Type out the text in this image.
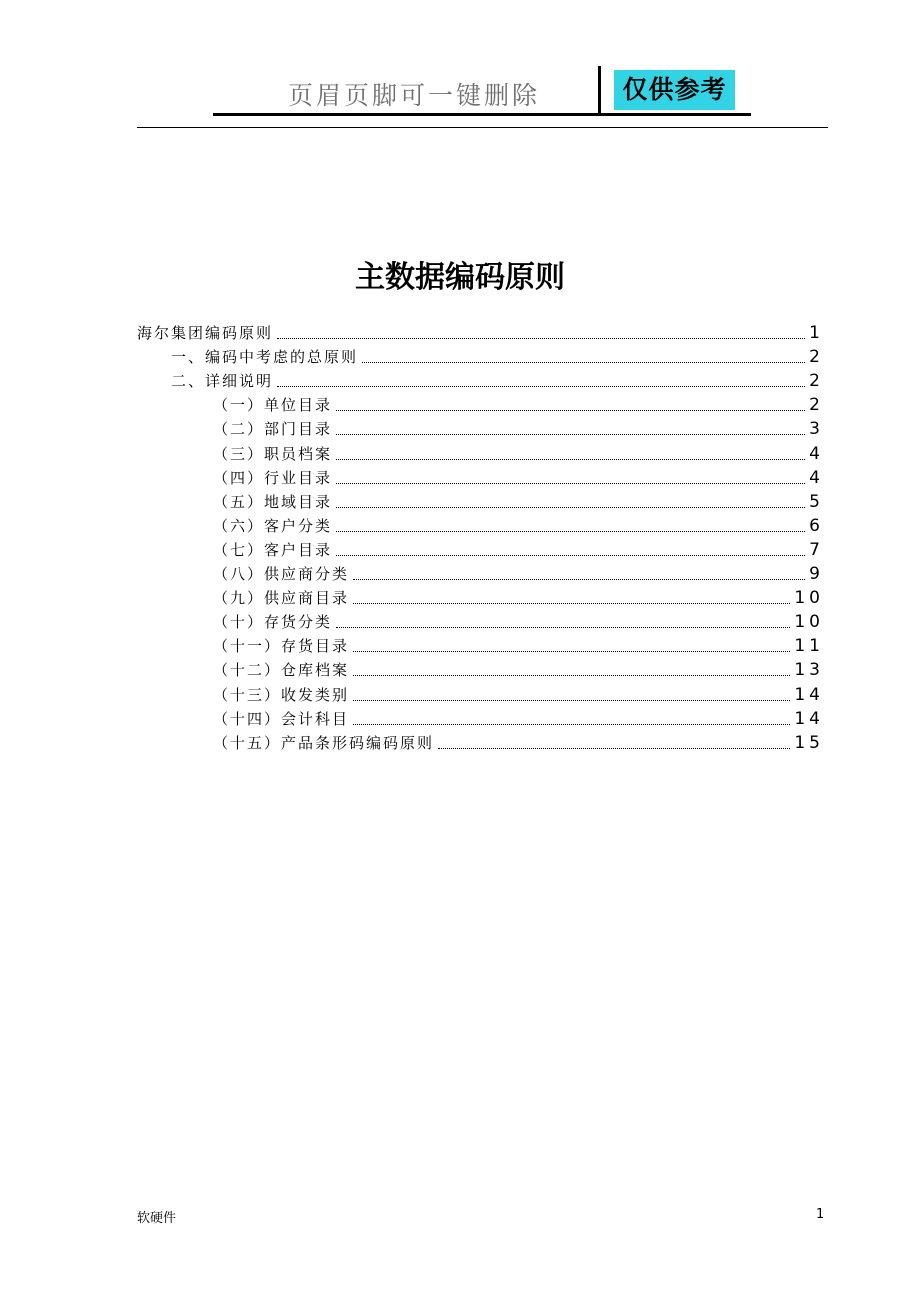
页眉页脚可一键删除	仅供参考
主数据编码原则
海尔集团编码原则	1
一、编码中考虑的总原则	2
二、详细说明	2
（一）单位目录	2
（二）部门目录	3
（三）职员档案	4
（四）行业目录	4
（五）地域目录	5
（六）客户分类	6
（七）客户目录	7
（八）供应商分类	9
（九）供应商目录	10
（十）存货分类	10
（十一）存货目录	11
（十二）仓库档案	13
（十三）收发类别	14
（十四）会计科目	14
（十五）产品条形码编码原则	15
软硬件	1
